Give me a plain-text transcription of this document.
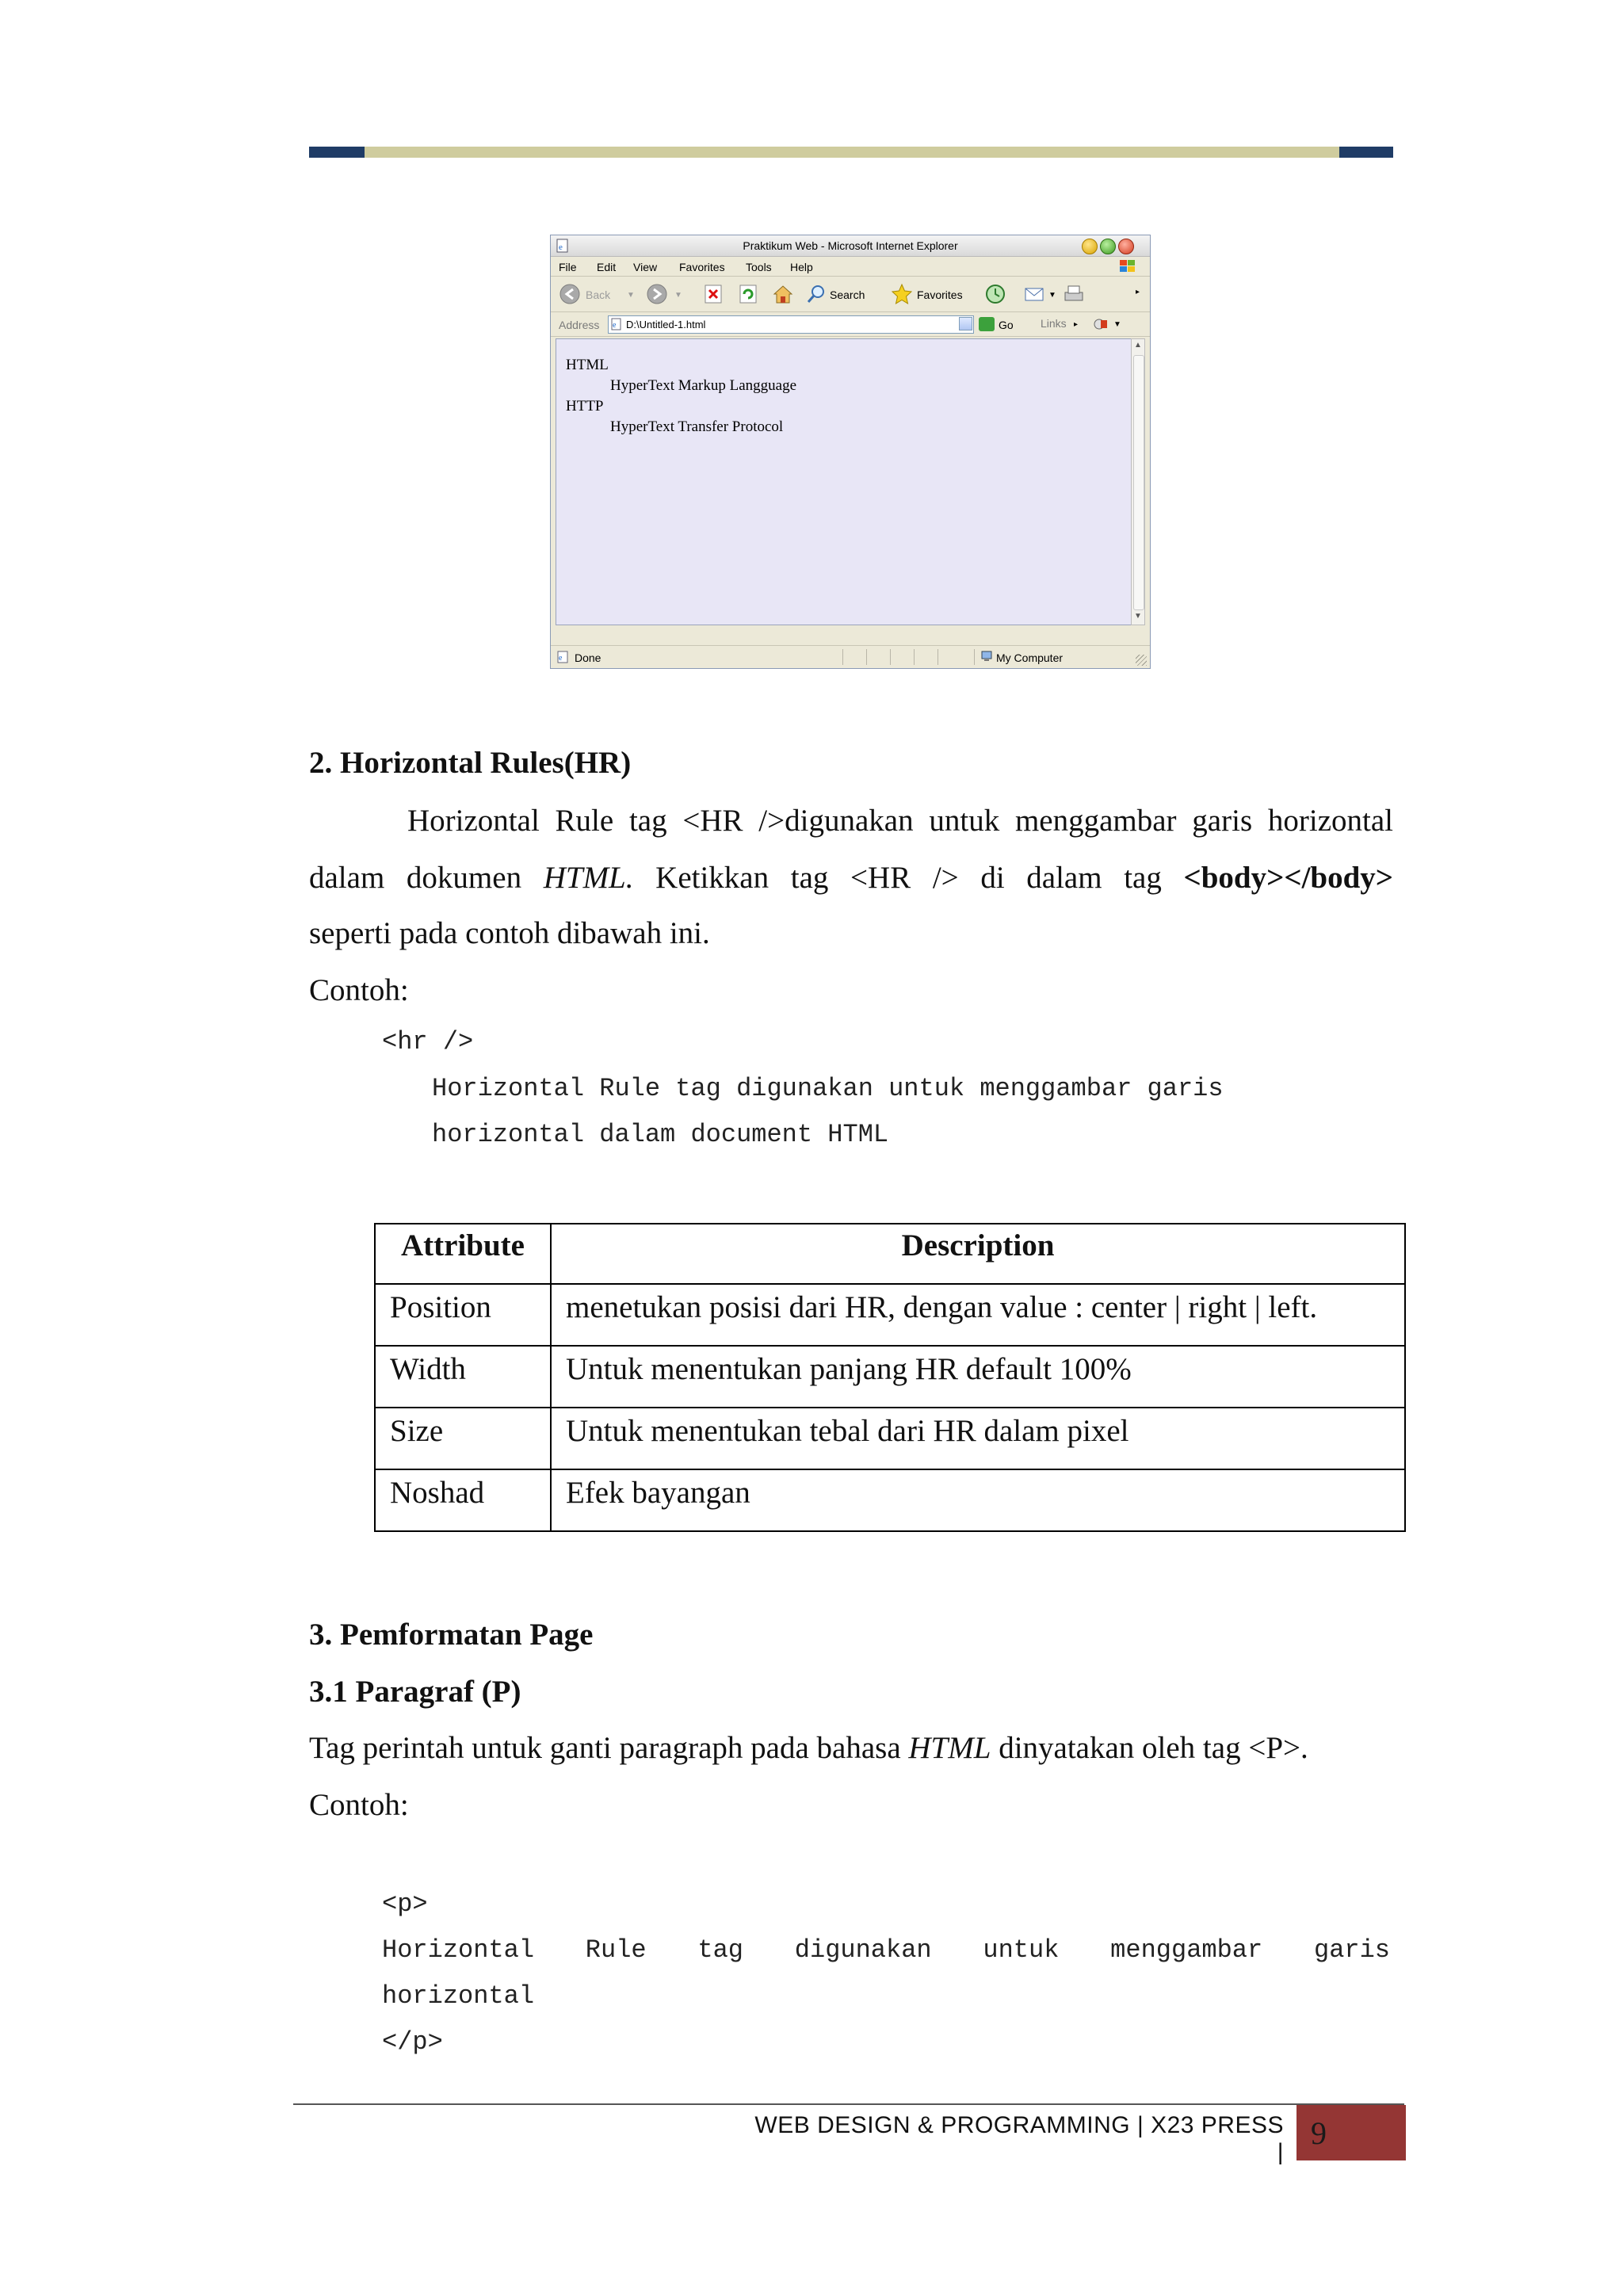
e	Praktikum Web - Microsoft Internet Explorer
File Edit View Favorites Tools Help
Back ▼	▼	Search	Favorites	▼	▸
Address e D:\Untitled-1.html	Go Links ▸	▼
HTML
HyperText Markup Langguage
HTTP
HyperText Transfer Protocol
▲
▼
e Done	My Computer
2. Horizontal Rules(HR)
Horizontal Rule tag <HR />digunakan untuk menggambar garis horizontal
dalam dokumen HTML. Ketikkan tag <HR /> di dalam tag <body></body>
seperti pada contoh dibawah ini.
Contoh:
<hr />
Horizontal Rule tag digunakan untuk menggambar garis
horizontal dalam document HTML
Attribute	Description
Position	menetukan posisi dari HR, dengan value : center | right | left.
Width	Untuk menentukan panjang HR default 100%
Size	Untuk menentukan tebal dari HR dalam pixel
Noshad	Efek bayangan
3. Pemformatan Page
3.1 Paragraf (P)
Tag perintah untuk ganti paragraph pada bahasa HTML dinyatakan oleh tag <P>.
Contoh:
<p>
Horizontal Rule tag digunakan untuk menggambar garis
horizontal
</p>
WEB DESIGN & PROGRAMMING | X23 PRESS |
9
